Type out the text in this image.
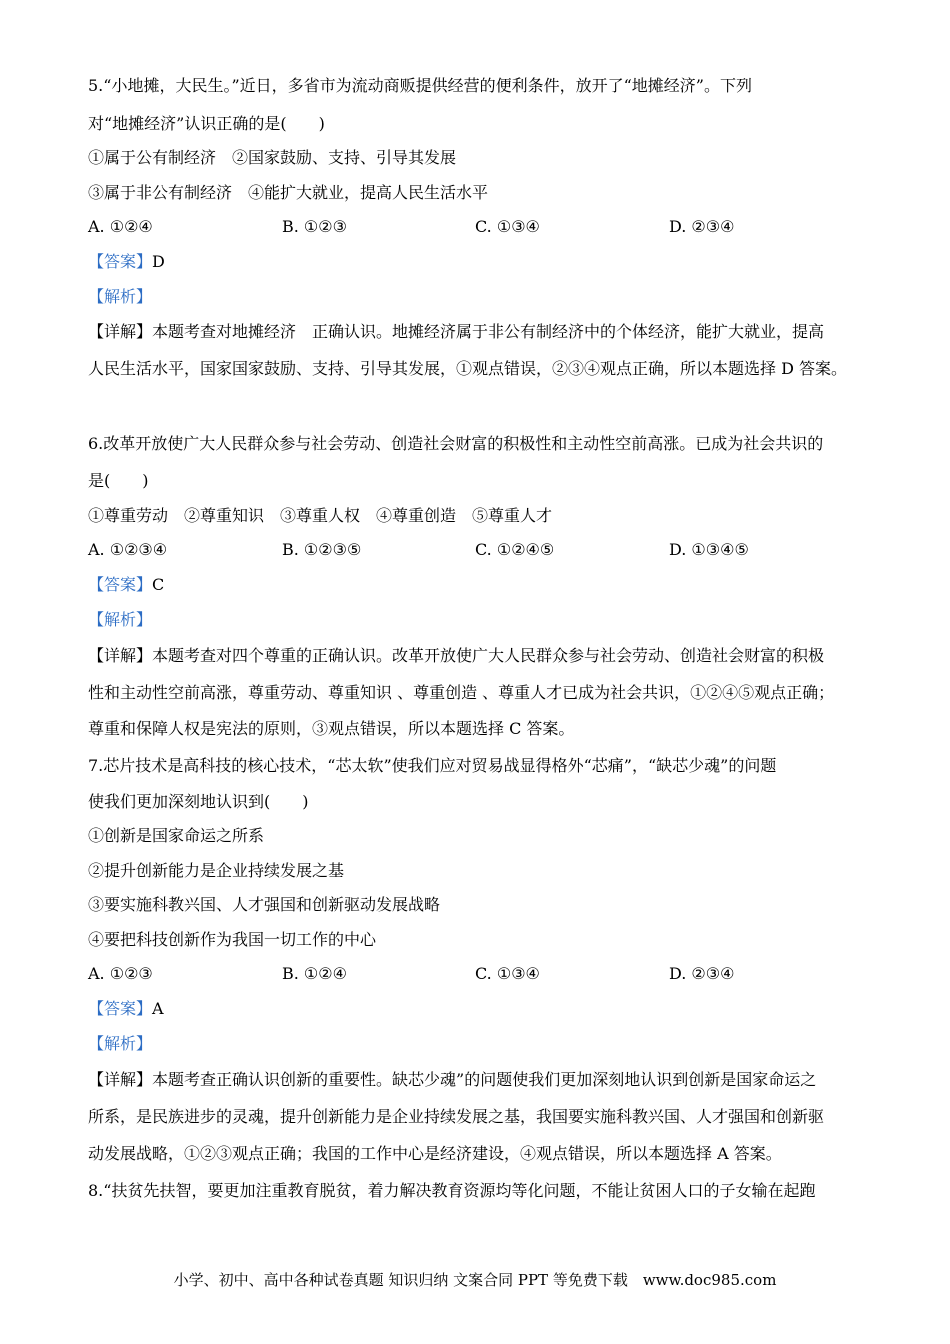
5.“小地摊，大民生。”近日，多省市为流动商贩提供经营的便利条件，放开了“地摊经济”。下列
对“地摊经济”认识正确的是(　　)
①属于公有制经济　②国家鼓励、支持、引导其发展
③属于非公有制经济　④能扩大就业，提高人民生活水平
A. ①②④	B. ①②③	C. ①③④	D. ②③④
【答案】D
【解析】
【详解】本题考查对地摊经济　正确认识。地摊经济属于非公有制经济中的个体经济，能扩大就业，提高
人民生活水平，国家国家鼓励、支持、引导其发展，①观点错误，②③④观点正确，所以本题选择 D 答案。
6.改革开放使广大人民群众参与社会劳动、创造社会财富的积极性和主动性空前高涨。已成为社会共识的
是(　　)
①尊重劳动　②尊重知识　③尊重人权　④尊重创造　⑤尊重人才
A. ①②③④	B. ①②③⑤	C. ①②④⑤	D. ①③④⑤
【答案】C
【解析】
【详解】本题考查对四个尊重的正确认识。改革开放使广大人民群众参与社会劳动、创造社会财富的积极
性和主动性空前高涨，尊重劳动、尊重知识 、尊重创造 、尊重人才已成为社会共识，①②④⑤观点正确；
尊重和保障人权是宪法的原则，③观点错误，所以本题选择 C 答案。
7.芯片技术是高科技的核心技术，“芯太软”使我们应对贸易战显得格外“芯痛”，“缺芯少魂”的问题
使我们更加深刻地认识到(　　)
①创新是国家命运之所系
②提升创新能力是企业持续发展之基
③要实施科教兴国、人才强国和创新驱动发展战略
④要把科技创新作为我国一切工作的中心
A. ①②③	B. ①②④	C. ①③④	D. ②③④
【答案】A
【解析】
【详解】本题考查正确认识创新的重要性。缺芯少魂”的问题使我们更加深刻地认识到创新是国家命运之
所系，是民族进步的灵魂，提升创新能力是企业持续发展之基，我国要实施科教兴国、人才强国和创新驱
动发展战略，①②③观点正确；我国的工作中心是经济建设，④观点错误，所以本题选择 A 答案。
8.“扶贫先扶智，要更加注重教育脱贫，着力解决教育资源均等化问题，不能让贫困人口的子女输在起跑
小学、初中、高中各种试卷真题 知识归纳 文案合同 PPT 等免费下载　www.doc985.com
